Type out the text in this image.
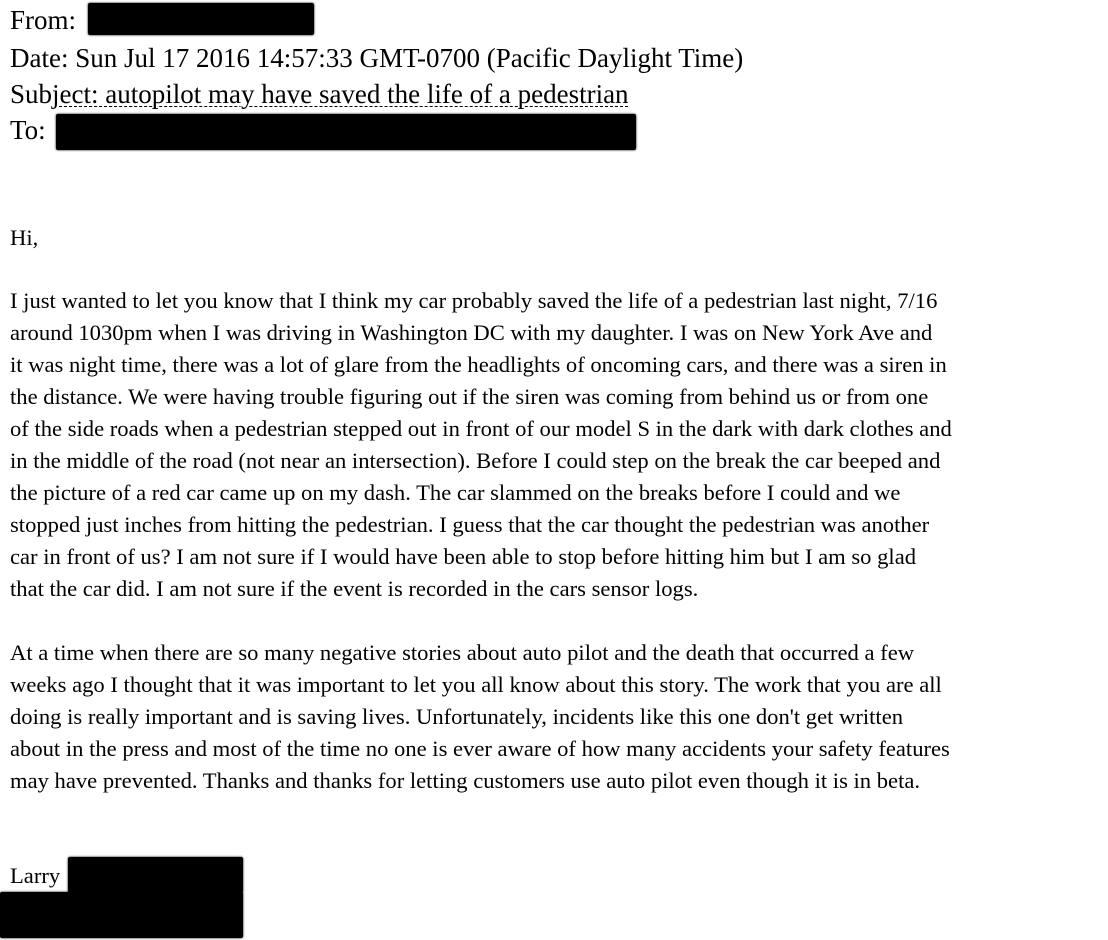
From:
Date: Sun Jul 17 2016 14:57:33 GMT-0700 (Pacific Daylight Time)
Subject: autopilot may have saved the life of a pedestrian
To:
Hi,
I just wanted to let you know that I think my car probably saved the life of a pedestrian last night, 7/16
around 1030pm when I was driving in Washington DC with my daughter. I was on New York Ave and
it was night time, there was a lot of glare from the headlights of oncoming cars, and there was a siren in
the distance. We were having trouble figuring out if the siren was coming from behind us or from one
of the side roads when a pedestrian stepped out in front of our model S in the dark with dark clothes and
in the middle of the road (not near an intersection). Before I could step on the break the car beeped and
the picture of a red car came up on my dash. The car slammed on the breaks before I could and we
stopped just inches from hitting the pedestrian. I guess that the car thought the pedestrian was another
car in front of us? I am not sure if I would have been able to stop before hitting him but I am so glad
that the car did. I am not sure if the event is recorded in the cars sensor logs.
At a time when there are so many negative stories about auto pilot and the death that occurred a few
weeks ago I thought that it was important to let you all know about this story. The work that you are all
doing is really important and is saving lives. Unfortunately, incidents like this one don't get written
about in the press and most of the time no one is ever aware of how many accidents your safety features
may have prevented. Thanks and thanks for letting customers use auto pilot even though it is in beta.
Larry
